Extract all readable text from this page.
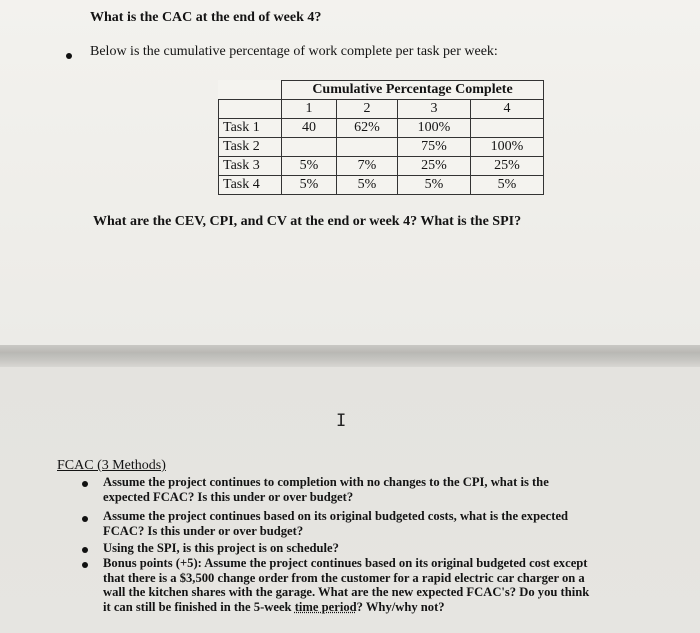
What is the CAC at the end of week 4?
Below is the cumulative percentage of work complete per task per week:
	Cumulative Percentage Complete			
	1	2	3	4
Task 1	40	62%	100%	
Task 2			75%	100%
Task 3	5%	7%	25%	25%
Task 4	5%	5%	5%	5%
What are the CEV, CPI, and CV at the end or week 4? What is the SPI?
I
FCAC (3 Methods)
Assume the project continues to completion with no changes to the CPI, what is the
expected FCAC? Is this under or over budget?
Assume the project continues based on its original budgeted costs, what is the expected
FCAC? Is this under or over budget?
Using the SPI, is this project is on schedule?
Bonus points (+5): Assume the project continues based on its original budgeted cost except
that there is a $3,500 change order from the customer for a rapid electric car charger on a
wall the kitchen shares with the garage. What are the new expected FCAC's? Do you think
it can still be finished in the 5-week time period? Why/why not?
